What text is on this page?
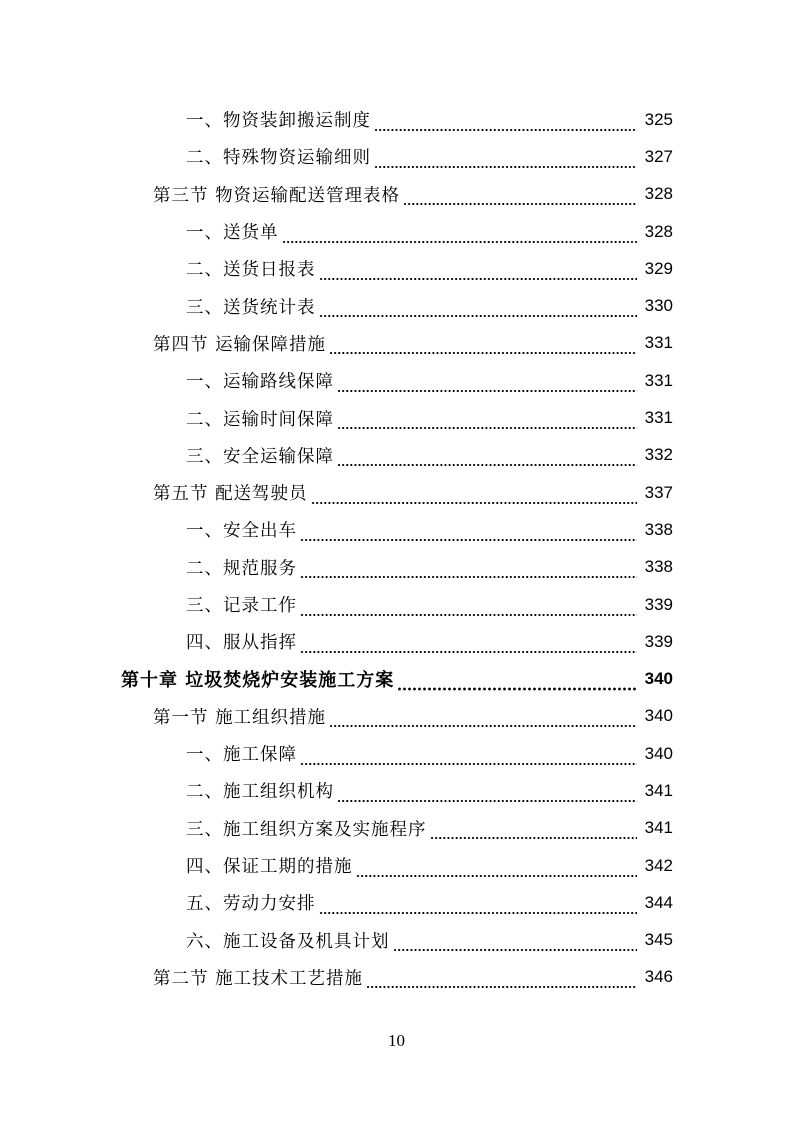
一、物资装卸搬运制度	325
二、特殊物资运输细则	327
第三节 物资运输配送管理表格	328
一、送货单	328
二、送货日报表	329
三、送货统计表	330
第四节 运输保障措施	331
一、运输路线保障	331
二、运输时间保障	331
三、安全运输保障	332
第五节 配送驾驶员	337
一、安全出车	338
二、规范服务	338
三、记录工作	339
四、服从指挥	339
第十章 垃圾焚烧炉安装施工方案	340
第一节 施工组织措施	340
一、施工保障	340
二、施工组织机构	341
三、施工组织方案及实施程序	341
四、保证工期的措施	342
五、劳动力安排	344
六、施工设备及机具计划	345
第二节 施工技术工艺措施	346
10
